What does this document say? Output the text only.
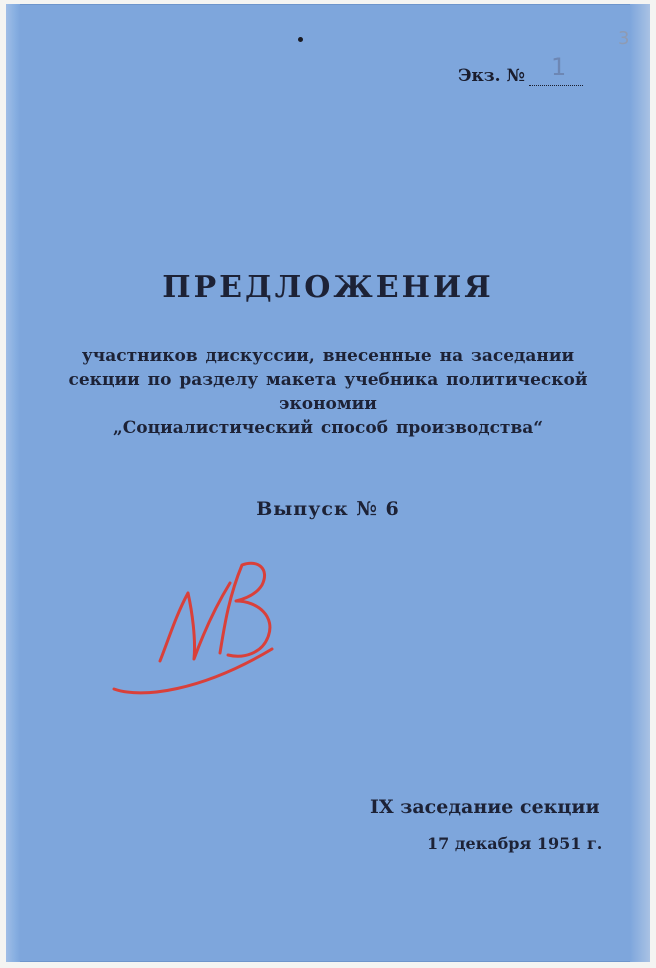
3
Экз. № 1
ПРЕДЛОЖЕНИЯ
участников дискуссии, внесенные на заседании
секции по разделу макета учебника политической
экономии
„Социалистический способ производства“
Выпуск № 6
IX заседание секции
17 декабря 1951 г.
